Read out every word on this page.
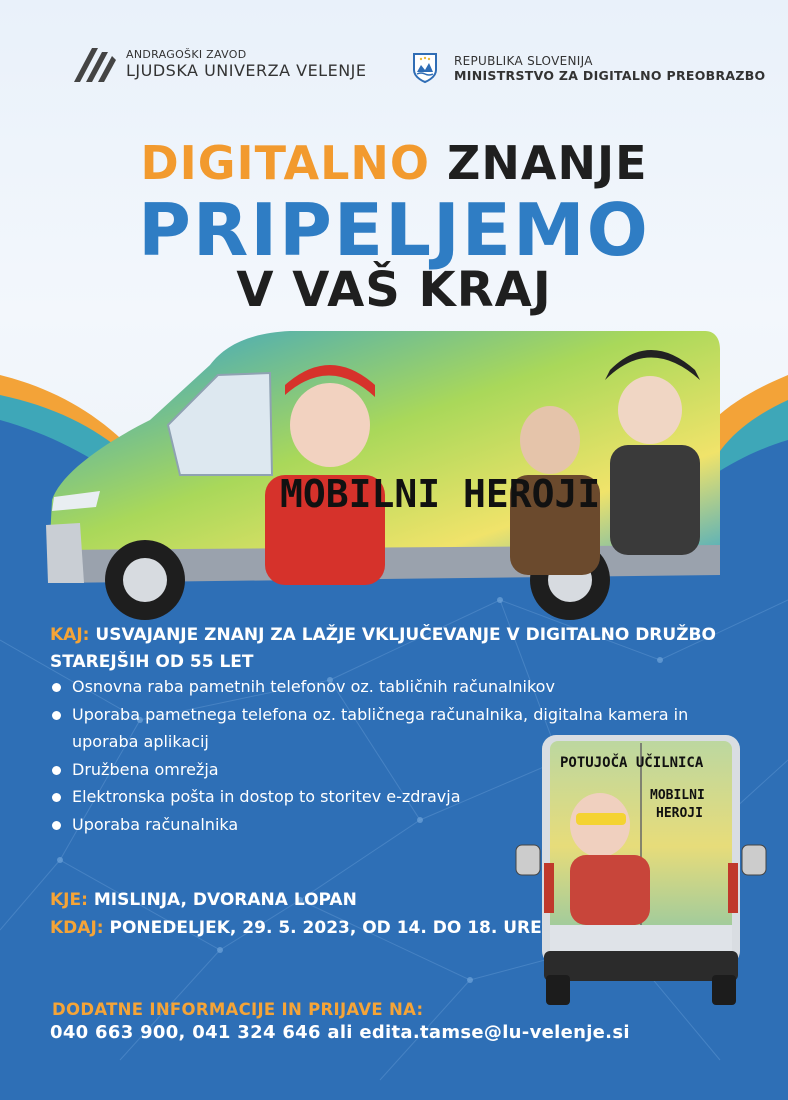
ANDRAGOŠKI ZAVOD
LJUDSKA UNIVERZA VELENJE
REPUBLIKA SLOVENIJA
MINISTRSTVO ZA DIGITALNO PREOBRAZBO
DIGITALNO ZNANJE
PRIPELJEMO
V VAŠ KRAJ
MOBILNI HEROJI
POTUJOČA UČILNICA
MOBILNI
HEROJI
KAJ: USVAJANJE ZNANJ ZA LAŽJE VKLJUČEVANJE V DIGITALNO DRUŽBO STAREJŠIH OD 55 LET
Osnovna raba pametnih telefonov oz. tabličnih računalnikov
Uporaba pametnega telefona oz. tabličnega računalnika, digitalna kamera in uporaba aplikacij
Družbena omrežja
Elektronska pošta in dostop to storitev e-zdravja
Uporaba računalnika
KJE: MISLINJA, DVORANA LOPAN
KDAJ: PONEDELJEK, 29. 5. 2023, OD 14. DO 18. URE
DODATNE INFORMACIJE IN PRIJAVE NA:
040 663 900, 041 324 646 ali edita.tamse@lu-velenje.si
